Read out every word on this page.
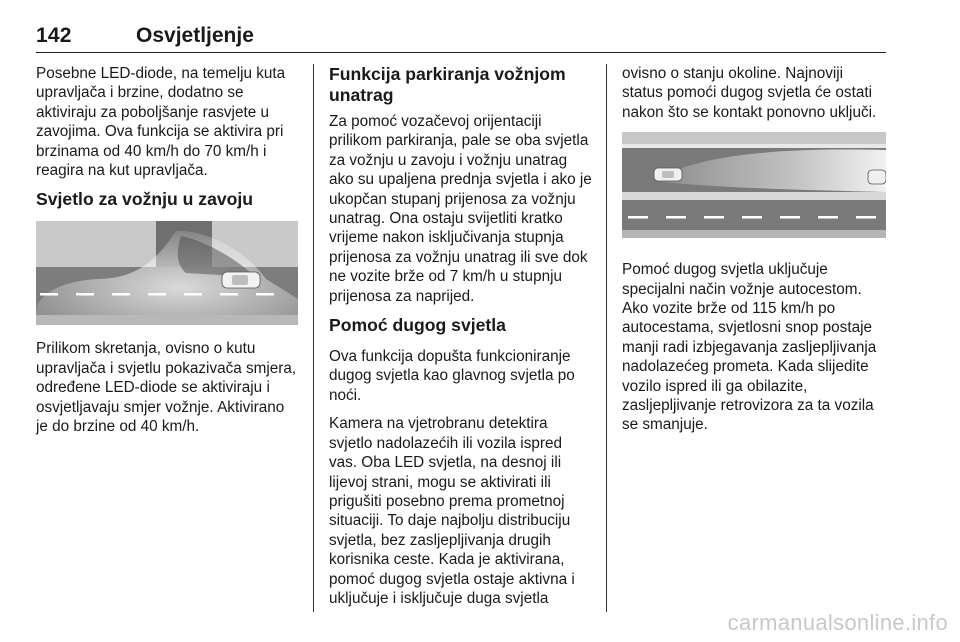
142	Osvjetljenje

Posebne LED-diode, na temelju kuta upravljača i brzine, dodatno se aktiviraju za poboljšanje rasvjete u zavojima. Ova funkcija se aktivira pri brzinama od 40 km/h do 70 km/h i reagira na kut upravljača.

Svjetlo za vožnju u zavoju

Prilikom skretanja, ovisno o kutu upravljača i svjetlu pokazivača smjera, određene LED-diode se aktiviraju i osvjetljavaju smjer vožnje. Aktivirano je do brzine od 40 km/h.

Funkcija parkiranja vožnjom unatrag

Za pomoć vozačevoj orijentaciji prilikom parkiranja, pale se oba svjetla za vožnju u zavoju i vožnju unatrag ako su upaljena prednja svjetla i ako je ukopčan stupanj prijenosa za vožnju unatrag. Ona ostaju svijetliti kratko vrijeme nakon isključivanja stupnja prijenosa za vožnju unatrag ili sve dok ne vozite brže od 7 km/h u stupnju prijenosa za naprijed.

Pomoć dugog svjetla

Ova funkcija dopušta funkcioniranje dugog svjetla kao glavnog svjetla po noći.

Kamera na vjetrobranu detektira svjetlo nadolazećih ili vozila ispred vas. Oba LED svjetla, na desnoj ili lijevoj strani, mogu se aktivirati ili prigušiti posebno prema prometnoj situaciji. To daje najbolju distribuciju svjetla, bez zasljepljivanja drugih korisnika ceste. Kada je aktivirana, pomoć dugog svjetla ostaje aktivna i uključuje i isključuje duga svjetla

ovisno o stanju okoline. Najnoviji status pomoći dugog svjetla će ostati nakon što se kontakt ponovno uključi.

Pomoć dugog svjetla uključuje specijalni način vožnje autocestom. Ako vozite brže od 115 km/h po autocestama, svjetlosni snop postaje manji radi izbjegavanja zasljepljivanja nadolazećeg prometa. Kada slijedite vozilo ispred ili ga obilazite, zasljepljivanje retrovizora za ta vozila se smanjuje.

carmanualsonline.info
